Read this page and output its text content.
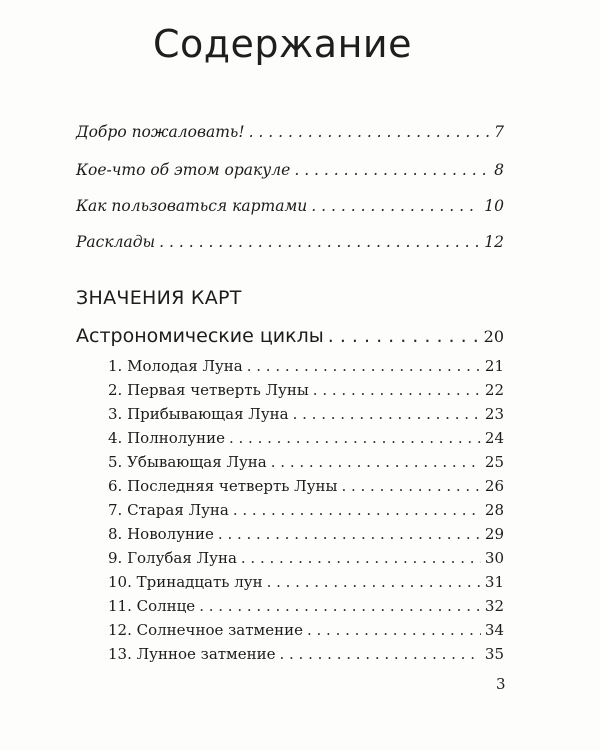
Содержание
Добро пожаловать! . . .	7
Кое-что об этом оракуле . . .	8
Как пользоваться картами . . .	10
Расклады . . .	12
ЗНАЧЕНИЯ КАРТ
Астрономические циклы . . .	20
1. Молодая Луна . . .	21
2. Первая четверть Луны . . .	22
3. Прибывающая Луна . . .	23
4. Полнолуние . . .	24
5. Убывающая Луна . . .	25
6. Последняя четверть Луны . . .	26
7. Старая Луна . . .	28
8. Новолуние . . .	29
9. Голубая Луна . . .	30
10. Тринадцать лун . . .	31
11. Солнце . . .	32
12. Солнечное затмение . . .	34
13. Лунное затмение . . .	35
3
